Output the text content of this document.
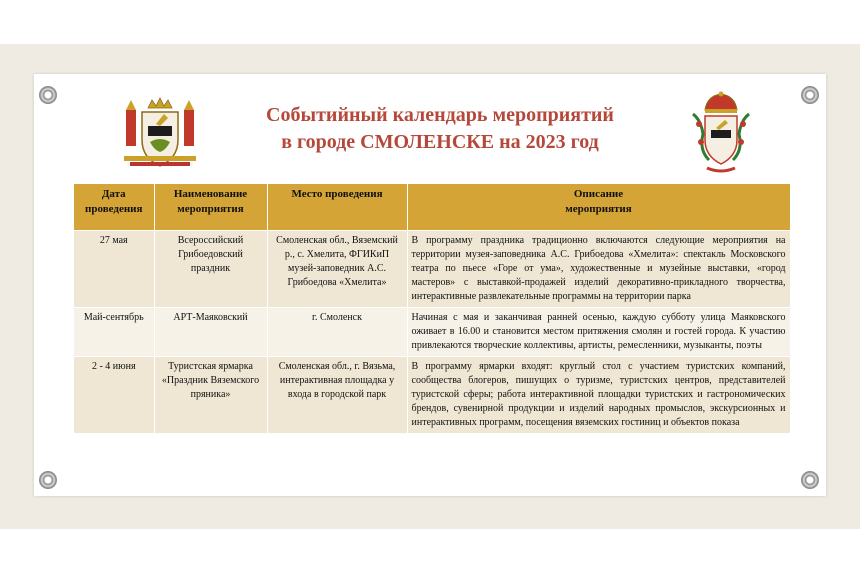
Событийный календарь мероприятий
в городе СМОЛЕНСКЕ на 2023 год
Дата проведения	Наименование мероприятия	Место проведения	Описание
мероприятия

27 мая	Всероссийский Грибоедовский праздник	Смоленская обл., Вяземский р., с. Хмелита, ФГИКиП музей-заповедник А.С. Грибоедова «Хмелита»	В программу праздника традиционно включаются следующие мероприятия на территории музея-заповедника А.С. Грибоедова «Хмелита»: спектакль Московского театра по пьесе «Горе от ума», художественные и музейные выставки, «город мастеров» с выставкой-продажей изделий декоративно-прикладного творчества, интерактивные развлекательные программы на территории парка
Май-сентябрь	АРТ-Маяковский	г. Смоленск	Начиная с мая и заканчивая ранней осенью, каждую субботу улица Маяковского оживает в 16.00 и становится местом притяжения смолян и гостей города. К участию привлекаются творческие коллективы, артисты, ремесленники, музыканты, поэты
2 - 4 июня	Туристская ярмарка «Праздник Вяземского пряника»	Смоленская обл., г. Вязьма, интерактивная площадка у входа в городской парк	В программу ярмарки входят: круглый стол с участием туристских компаний, сообщества блогеров, пишущих о туризме, туристских центров, представителей туристской сферы; работа интерактивной площадки туристских и гастрономических брендов, сувенирной продукции и изделий народных промыслов, экскурсионных и интерактивных программ, посещения вяземских гостиниц и объектов показа
